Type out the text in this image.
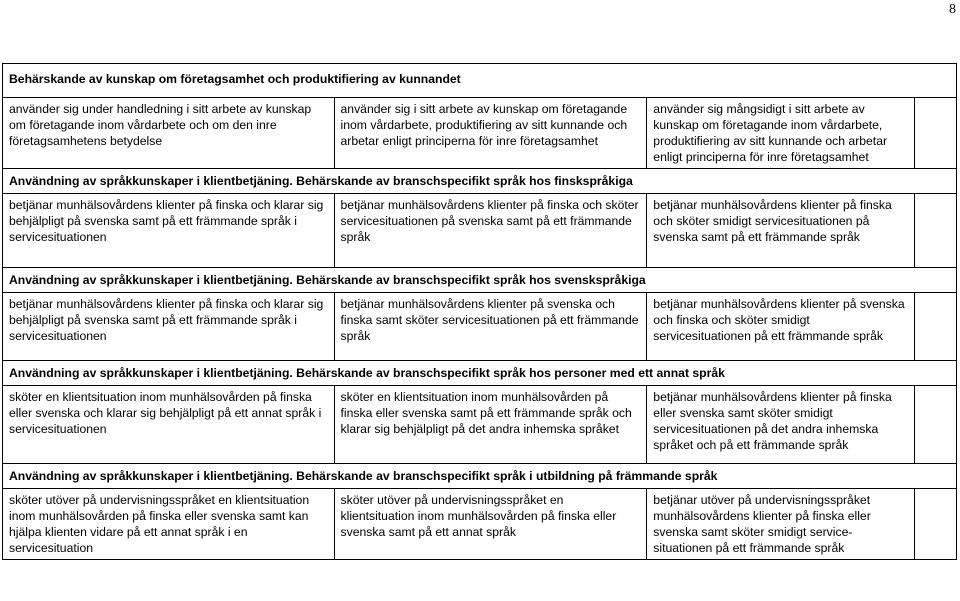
8
Behärskande av kunskap om företagsamhet och produktifiering av kunnandet			
använder sig under handledning i sitt arbete av kunskap om företagande inom vårdarbete och om den inre företagsamhetens betydelse	använder sig i sitt arbete av kunskap om företagande inom vårdarbete, produktifiering av sitt kunnande och arbetar enligt principerna för inre företagsamhet	använder sig mångsidigt i sitt arbete av kunskap om företagande inom vårdarbete, produktifiering av sitt kunnande och arbetar enligt principerna för inre företagsamhet	
Användning av språkkunskaper i klientbetjäning. Behärskande av branschspecifikt språk hos finskspråkiga			
betjänar munhälsovårdens klienter på finska och klarar sig behjälpligt på svenska samt på ett främmande språk i servicesituationen	betjänar munhälsovårdens klienter på finska och sköter servicesituationen på svenska samt på ett främmande språk	betjänar munhälsovårdens klienter på finska och sköter smidigt servicesituationen på svenska samt på ett främmande språk	
Användning av språkkunskaper i klientbetjäning. Behärskande av branschspecifikt språk hos svenskspråkiga			
betjänar munhälsovårdens klienter på finska och klarar sig behjälpligt på svenska samt på ett främmande språk i servicesituationen	betjänar munhälsovårdens klienter på svenska och finska samt sköter servicesituationen på ett främmande språk	betjänar munhälsovårdens klienter på svenska och finska och sköter smidigt servicesituationen på ett främmande språk	
Användning av språkkunskaper i klientbetjäning. Behärskande av branschspecifikt språk hos personer med ett annat språk			
sköter en klientsituation inom munhälsovården på finska eller svenska och klarar sig behjälpligt på ett annat språk i servicesituationen	sköter en klientsituation inom munhälsovården på finska eller svenska samt på ett främmande språk och klarar sig behjälpligt på det andra inhemska språket	betjänar munhälsovårdens klienter på finska eller svenska samt sköter smidigt servicesituationen på det andra inhemska språket och på ett främmande språk	
Användning av språkkunskaper i klientbetjäning. Behärskande av branschspecifikt språk i utbildning på främmande språk			
sköter utöver på undervisningsspråket en klientsituation inom munhälsovården på finska eller svenska samt kan hjälpa klienten vidare på ett annat språk i en servicesituation	sköter utöver på undervisningsspråket en klientsituation inom munhälsovården på finska eller svenska samt på ett annat språk	betjänar utöver på undervisningsspråket munhälsovårdens klienter på finska eller svenska samt sköter smidigt service-situationen på ett främmande språk	
